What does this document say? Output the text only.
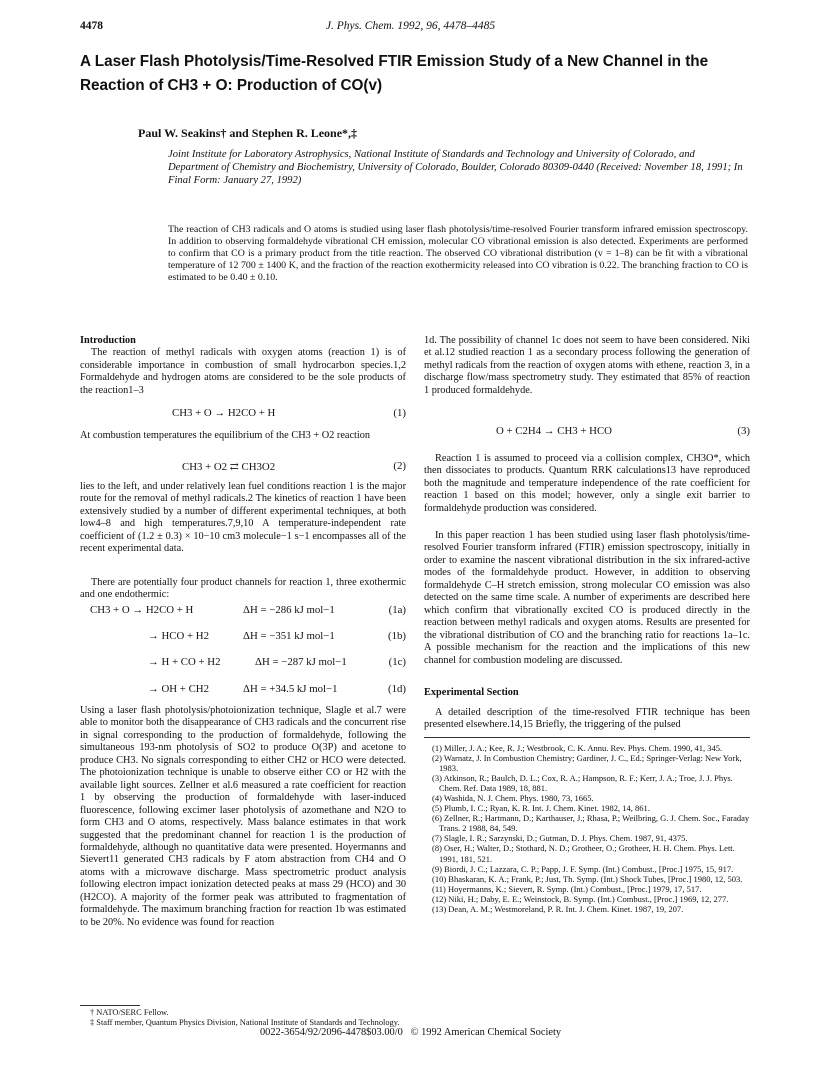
4478	J. Phys. Chem. 1992, 96, 4478–4485
A Laser Flash Photolysis/Time-Resolved FTIR Emission Study of a New Channel in the Reaction of CH3 + O: Production of CO(v)
Paul W. Seakins† and Stephen R. Leone*,‡
Joint Institute for Laboratory Astrophysics, National Institute of Standards and Technology and University of Colorado, and Department of Chemistry and Biochemistry, University of Colorado, Boulder, Colorado 80309-0440 (Received: November 18, 1991; In Final Form: January 27, 1992)
The reaction of CH3 radicals and O atoms is studied using laser flash photolysis/time-resolved Fourier transform infrared emission spectroscopy. In addition to observing formaldehyde vibrational CH emission, molecular CO vibrational emission is also detected. Experiments are performed to confirm that CO is a primary product from the title reaction. The observed CO vibrational distribution (v = 1–8) can be fit with a vibrational temperature of 12 700 ± 1400 K, and the fraction of the reaction exothermicity released into CO vibration is 0.22. The branching fraction to CO is estimated to be 0.40 ± 0.10.
Introduction

The reaction of methyl radicals with oxygen atoms (reaction 1) is of considerable importance in combustion of small hydrocarbon species.1,2 Formaldehyde and hydrogen atoms are considered to be the sole products of the reaction1–3

CH3 + O → H2CO + H	(1)
At combustion temperatures the equilibrium of the CH3 + O2 reaction
CH3 + O2 ⇄ CH3O2	(2)
lies to the left, and under relatively lean fuel conditions reaction 1 is the major route for the removal of methyl radicals.2 The kinetics of reaction 1 have been extensively studied by a number of different experimental techniques, at both low4–8 and high temperatures.7,9,10 A temperature-independent rate coefficient of (1.2 ± 0.3) × 10−10 cm3 molecule−1 s−1 encompasses all of the recent experimental data.
There are potentially four product channels for reaction 1, three exothermic and one endothermic:
CH3 + O → H2CO + H	ΔH = −286 kJ mol−1	(1a)
→ HCO + H2	ΔH = −351 kJ mol−1	(1b)
→ H + CO + H2	ΔH = −287 kJ mol−1	(1c)
→ OH + CH2	ΔH = +34.5 kJ mol−1	(1d)
Using a laser flash photolysis/photoionization technique, Slagle et al.7 were able to monitor both the disappearance of CH3 radicals and the concurrent rise in signal corresponding to the production of formaldehyde, following the simultaneous 193-nm photolysis of SO2 to produce O(3P) and acetone to produce CH3. No signals corresponding to either CH2 or HCO were detected. The photoionization technique is unable to observe either CO or H2 with the available light sources. Zellner et al.6 measured a rate coefficient for reaction 1 by observing the production of formaldehyde with laser-induced fluorescence, following excimer laser photolysis of azomethane and N2O to form CH3 and O atoms, respectively. Mass balance estimates in that work suggested that the predominant channel for reaction 1 is the production of formaldehyde, although no quantitative data were presented. Hoyermanns and Sievert11 generated CH3 radicals by F atom abstraction from CH4 and O atoms with a microwave discharge. Mass spectrometric product analysis following electron impact ionization detected peaks at mass 29 (HCO) and 30 (H2CO). A majority of the former peak was attributed to fragmentation of formaldehyde. The maximum branching fraction for reaction 1b was estimated to be 20%. No evidence was found for reaction
† NATO/SERC Fellow.
‡ Staff member, Quantum Physics Division, National Institute of Standards and Technology.
1d. The possibility of channel 1c does not seem to have been considered. Niki et al.12 studied reaction 1 as a secondary process following the generation of methyl radicals from the reaction of oxygen atoms with ethene, reaction 3, in a discharge flow/mass spectrometry study. They estimated that 85% of reaction 1 produced formaldehyde.
O + C2H4 → CH3 + HCO	(3)
Reaction 1 is assumed to proceed via a collision complex, CH3O*, which then dissociates to products. Quantum RRK calculations13 have reproduced both the magnitude and temperature independence of the rate coefficient for reaction 1 based on this model; however, only a single exit barrier to formaldehyde production was considered.
In this paper reaction 1 has been studied using laser flash photolysis/time-resolved Fourier transform infrared (FTIR) emission spectroscopy, initially in order to examine the nascent vibrational distribution in the six infrared-active modes of the formaldehyde product. However, in addition to observing formaldehyde C–H stretch emission, strong molecular CO emission was also detected on the same time scale. A number of experiments are described here which confirm that vibrationally excited CO is produced directly in the reaction between methyl radicals and oxygen atoms. Results are presented for the vibrational distribution of CO and the branching ratio for reactions 1a–1c. A possible mechanism for the reaction and the implications of this new channel for combustion modeling are discussed.
Experimental Section
A detailed description of the time-resolved FTIR technique has been presented elsewhere.14,15 Briefly, the triggering of the pulsed
(1) Miller, J. A.; Kee, R. J.; Westbrook, C. K. Annu. Rev. Phys. Chem. 1990, 41, 345.
(2) Warnatz, J. In Combustion Chemistry; Gardiner, J. C., Ed.; Springer-Verlag: New York, 1983.
(3) Atkinson, R.; Baulch, D. L.; Cox, R. A.; Hampson, R. F.; Kerr, J. A.; Troe, J. J. Phys. Chem. Ref. Data 1989, 18, 881.
(4) Washida, N. J. Chem. Phys. 1980, 73, 1665.
(5) Plumb, I. C.; Ryan, K. R. Int. J. Chem. Kinet. 1982, 14, 861.
(6) Zellner, R.; Hartmann, D.; Karthauser, J.; Rhasa, P.; Weilbring, G. J. Chem. Soc., Faraday Trans. 2 1988, 84, 549.
(7) Slagle, I. R.; Sarzynski, D.; Gutman, D. J. Phys. Chem. 1987, 91, 4375.
(8) Oser, H.; Walter, D.; Stothard, N. D.; Grotheer, O.; Grotheer, H. H. Chem. Phys. Lett. 1991, 181, 521.
(9) Biordi, J. C.; Lazzara, C. P.; Papp, J. F. Symp. (Int.) Combust., [Proc.] 1975, 15, 917.
(10) Bhaskaran, K. A.; Frank, P.; Just, Th. Symp. (Int.) Shock Tubes, [Proc.] 1980, 12, 503.
(11) Hoyermanns, K.; Sievert, R. Symp. (Int.) Combust., [Proc.] 1979, 17, 517.
(12) Niki, H.; Daby, E. E.; Weinstock, B. Symp. (Int.) Combust., [Proc.] 1969, 12, 277.
(13) Dean, A. M.; Westmoreland, P. R. Int. J. Chem. Kinet. 1987, 19, 207.
0022-3654/92/2096-4478$03.00/0 © 1992 American Chemical Society
